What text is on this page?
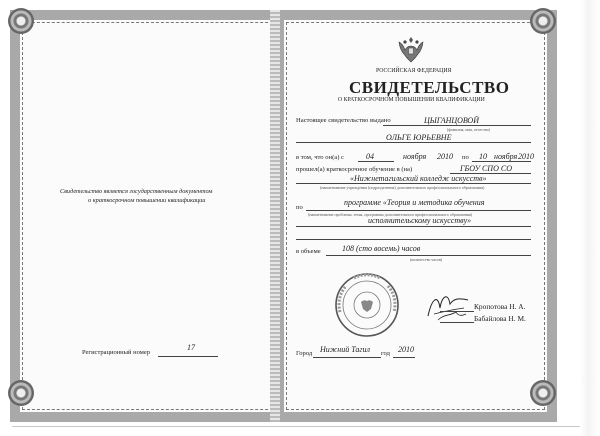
Свидетельство является государственным документом
о краткосрочном повышении квалификации
Регистрационный номер
17
РОССИЙСКАЯ ФЕДЕРАЦИЯ
СВИДЕТЕЛЬСТВО
О КРАТКОСРОЧНОМ ПОВЫШЕНИИ КВАЛИФИКАЦИИ
Настоящее свидетельство выдано	ЦЫГАНЦОВОЙ
(фамилия, имя, отчество)
ОЛЬГЕ ЮРЬЕВНЕ
в том, что он(а) с	04	ноября 2010 по 10 ноября 2010
прошел(а) краткосрочное обучение в (на)	ГБОУ СПО СО
«Нижнетагильский колледж искусств»
(наименование учреждения (подразделения) дополнительного профессионального образования)
по
программе «Теория и методика обучения
(наименование проблемы, темы, программы дополнительного профессионального образования)
исполнительскому искусству»
в объеме	108 (сто восемь) часов
(количество часов)
Кропотова Н. А.
Бабайлова Н. М.
Город Нижний Тагил год 2010
